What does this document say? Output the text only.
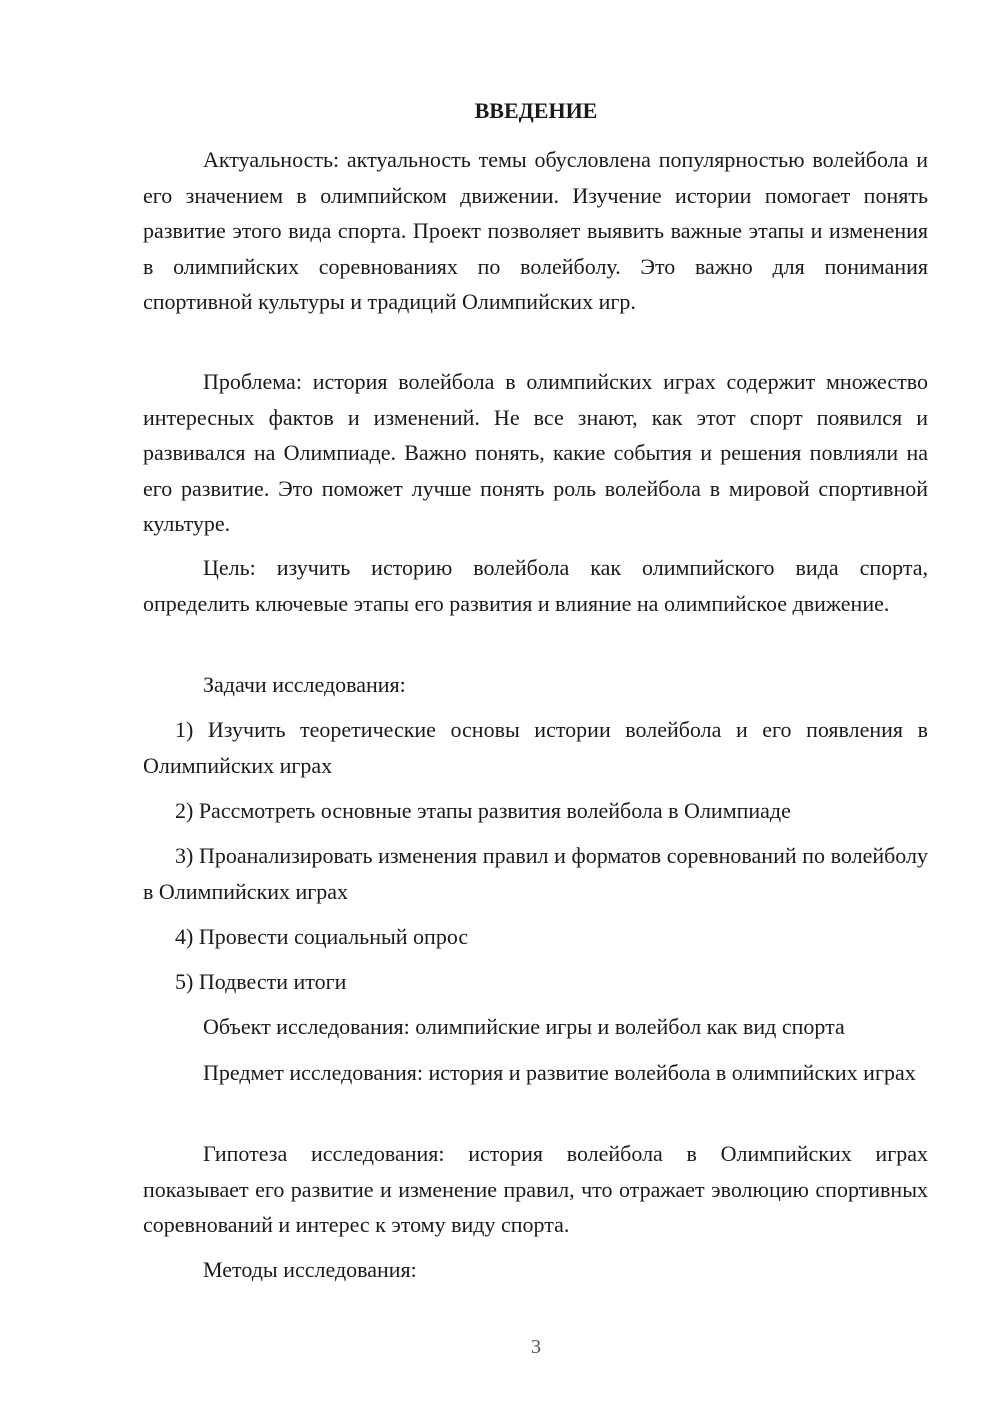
ВВЕДЕНИЕ

Актуальность: актуальность темы обусловлена популярностью волейбола и его значением в олимпийском движении. Изучение истории помогает понять развитие этого вида спорта. Проект позволяет выявить важные этапы и изменения в олимпийских соревнованиях по волейболу. Это важно для понимания спортивной культуры и традиций Олимпийских игр.

Проблема: история волейбола в олимпийских играх содержит множество интересных фактов и изменений. Не все знают, как этот спорт появился и развивался на Олимпиаде. Важно понять, какие события и решения повлияли на его развитие. Это поможет лучше понять роль волейбола в мировой спортивной культуре.

Цель: изучить историю волейбола как олимпийского вида спорта, определить ключевые этапы его развития и влияние на олимпийское движение.

Задачи исследования:

1) Изучить теоретические основы истории волейбола и его появления в Олимпийских играх

2) Рассмотреть основные этапы развития волейбола в Олимпиаде

3) Проанализировать изменения правил и форматов соревнований по волейболу в Олимпийских играх

4) Провести социальный опрос

5) Подвести итоги

Объект исследования: олимпийские игры и волейбол как вид спорта

Предмет исследования: история и развитие волейбола в олимпийских играх

Гипотеза исследования: история волейбола в Олимпийских играх показывает его развитие и изменение правил, что отражает эволюцию спортивных соревнований и интерес к этому виду спорта.

Методы исследования:

3
